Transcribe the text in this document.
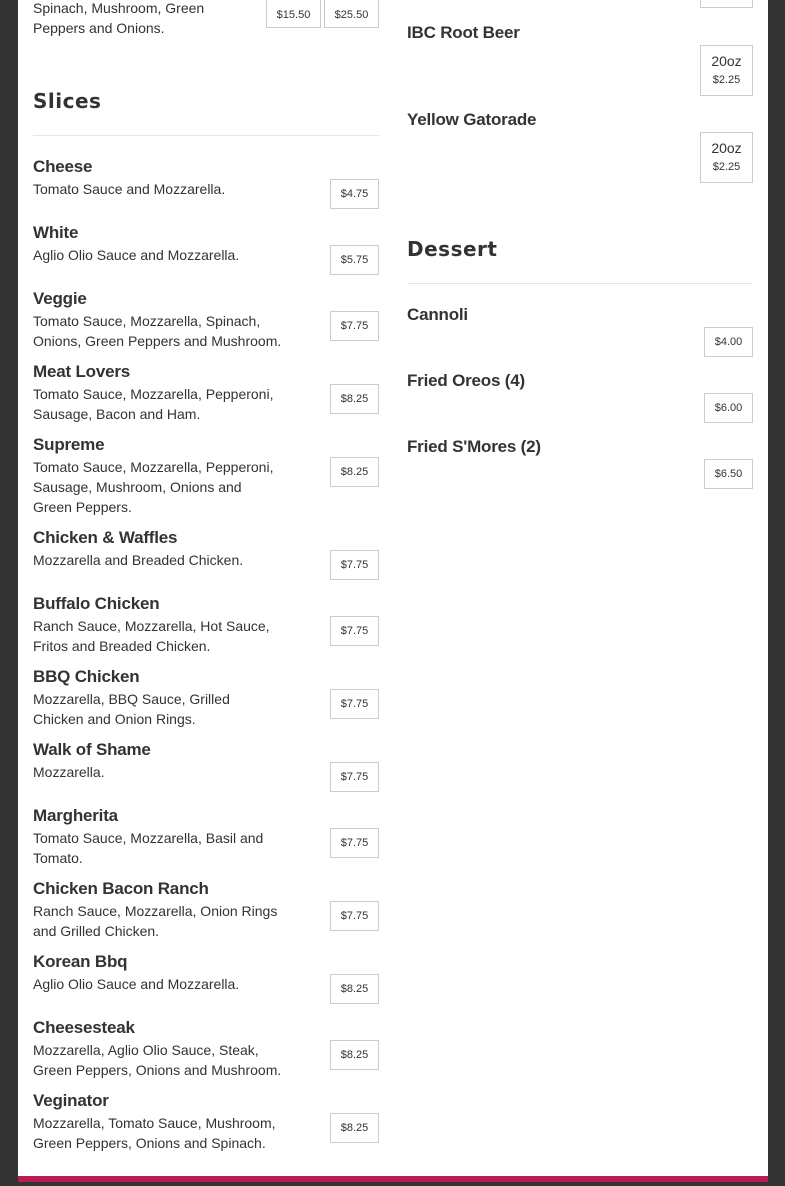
Spinach, Mushroom, Green Peppers and Onions.
$15.50	$25.50
Slices
Cheese
Tomato Sauce and Mozzarella.	$4.75
White
Aglio Olio Sauce and Mozzarella.	$5.75
Veggie
Tomato Sauce, Mozzarella, Spinach, Onions, Green Peppers and Mushroom.
$7.75
Meat Lovers
Tomato Sauce, Mozzarella, Pepperoni, Sausage, Bacon and Ham.
$8.25
Supreme
Tomato Sauce, Mozzarella, Pepperoni, Sausage, Mushroom, Onions and Green Peppers.
$8.25
Chicken & Waffles
Mozzarella and Breaded Chicken.	$7.75
Buffalo Chicken
Ranch Sauce, Mozzarella, Hot Sauce, Fritos and Breaded Chicken.
$7.75
BBQ Chicken
Mozzarella, BBQ Sauce, Grilled Chicken and Onion Rings.
$7.75
Walk of Shame
Mozzarella.	$7.75
Margherita
Tomato Sauce, Mozzarella, Basil and Tomato.
$7.75
Chicken Bacon Ranch
Ranch Sauce, Mozzarella, Onion Rings and Grilled Chicken.
$7.75
Korean Bbq
Aglio Olio Sauce and Mozzarella.	$8.25
Cheesesteak
Mozzarella, Aglio Olio Sauce, Steak, Green Peppers, Onions and Mushroom.
$8.25
Veginator
Mozzarella, Tomato Sauce, Mushroom, Green Peppers, Onions and Spinach.
$8.25
IBC Root Beer
20oz
$2.25
Yellow Gatorade
20oz
$2.25
Dessert
Cannoli
$4.00
Fried Oreos (4)
$6.00
Fried S'Mores (2)
$6.50
